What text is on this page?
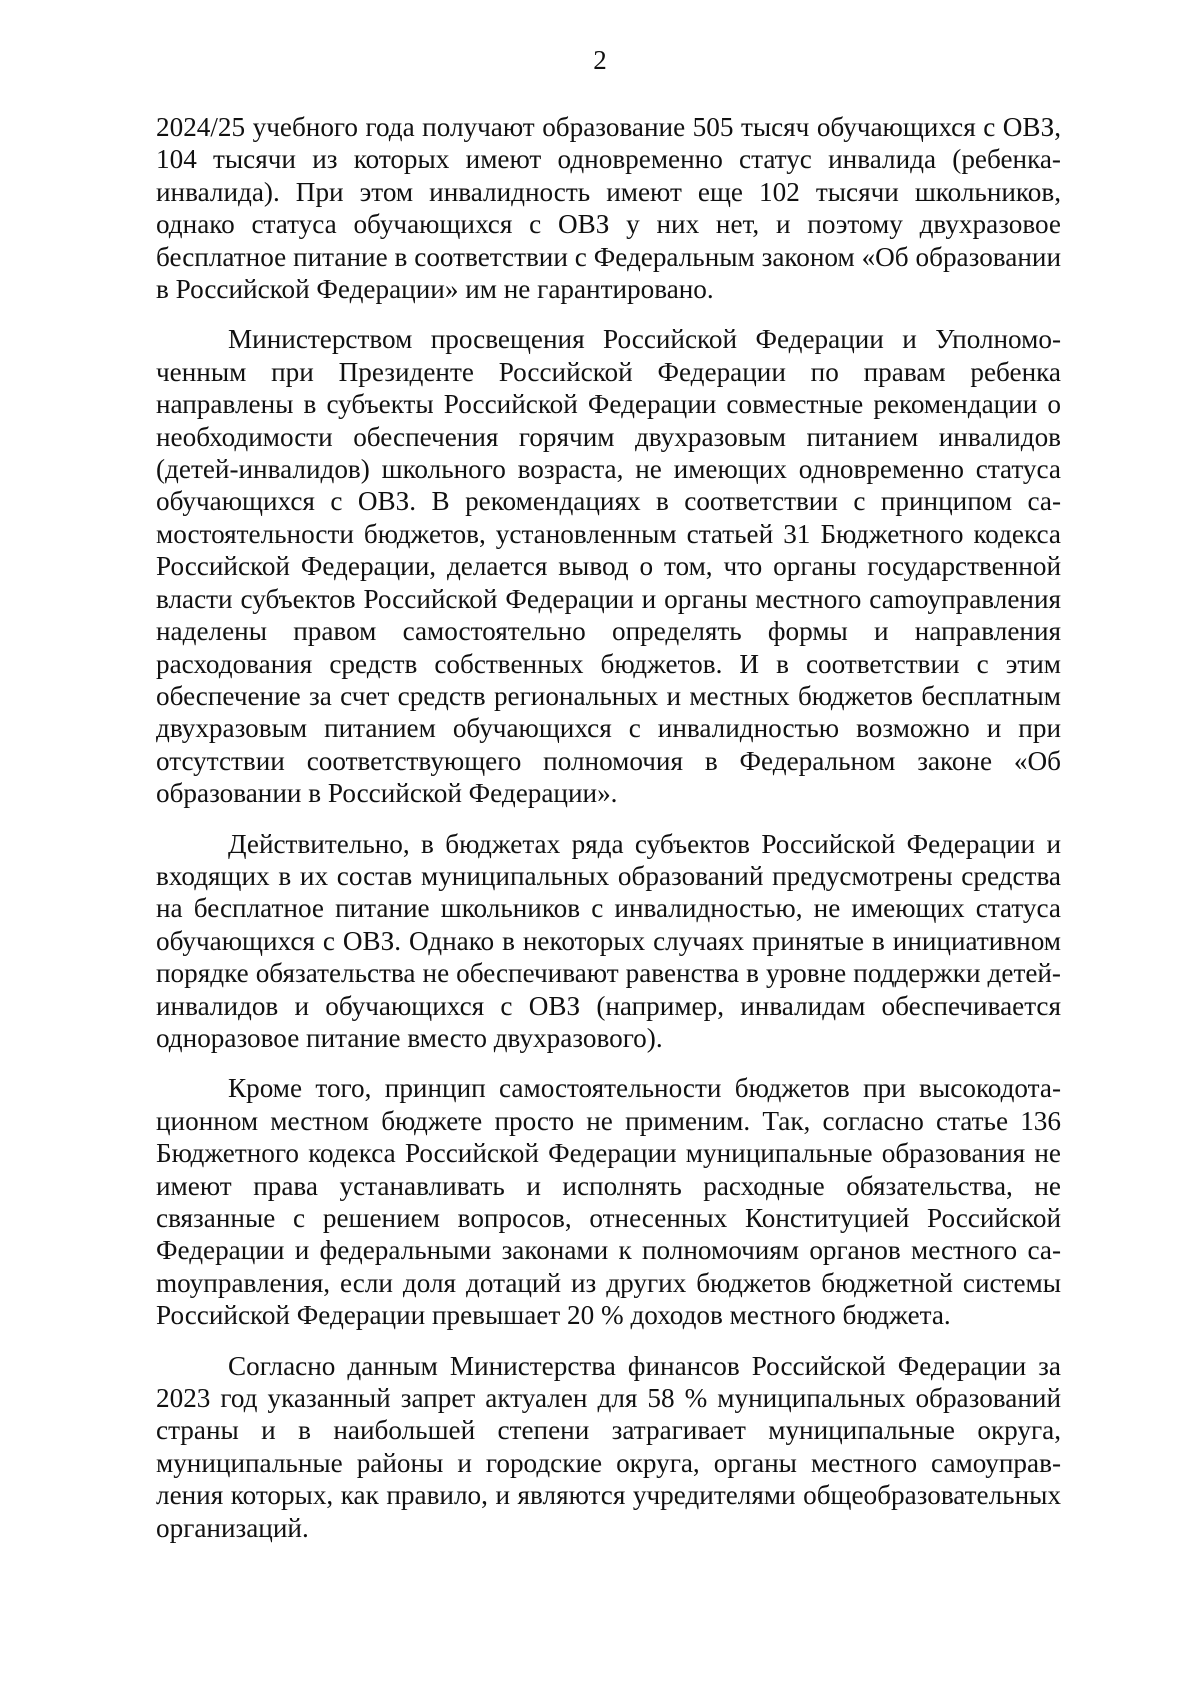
2

2024/25 учебного года получают образование 505 тысяч обучающихся с ОВЗ, 104 тысячи из которых имеют одновременно статус инвалида (ребенка-инвалида). При этом инвалидность имеют еще 102 тысячи школьников, однако статуса обучающихся с ОВЗ у них нет, и поэтому двухразовое бесплатное питание в соответствии с Федеральным законом «Об образовании в Российской Федерации» им не гарантировано.

Министерством просвещения Российской Федерации и Уполномоченным при Президенте Российской Федерации по правам ребенка направлены в субъекты Российской Федерации совместные рекомендации о необходимости обеспечения горячим двухразовым питанием инвалидов (детей-инвалидов) школьного возраста, не имеющих одновременно статуса обучающихся с ОВЗ. В рекомендациях в соответствии с принципом самостоятельности бюджетов, установленным статьей 31 Бюджетного кодекса Российской Федерации, делается вывод о том, что органы государственной власти субъектов Российской Федерации и органы местного саmоуправления наделены правом самостоятельно определять формы и направления расходования средств собственных бюджетов. И в соответствии с этим обеспечение за счет средств региональных и местных бюджетов бесплатным двухразовым питанием обучающихся с инвалидностью возможно и при отсутствии соответствующего полномочия в Федеральном законе «Об образовании в Российской Федерации».

Действительно, в бюджетах ряда субъектов Российской Федерации и входящих в их состав муниципальных образований предусмотрены средства на бесплатное питание школьников с инвалидностью, не имеющих статуса обучающихся с ОВЗ. Однако в некоторых случаях принятые в инициативном порядке обязательства не обеспечивают равенства в уровне поддержки детей-инвалидов и обучающихся с ОВЗ (например, инвалидам обеспечивается одноразовое питание вместо двухразового).

Кроме того, принцип самостоятельности бюджетов при высокодотационном местном бюджете просто не применим. Так, согласно статье 136 Бюджетного кодекса Российской Федерации муниципальные образования не имеют права устанавливать и исполнять расходные обязательства, не связанные с решением вопросов, отнесенных Конституцией Российской Федерации и федеральными законами к полномочиям органов местного саmоуправления, если доля дотаций из других бюджетов бюджетной системы Российской Федерации превышает 20 % доходов местного бюджета.

Согласно данным Министерства финансов Российской Федерации за 2023 год указанный запрет актуален для 58 % муниципальных образований страны и в наибольшей степени затрагивает муниципальные округа, муниципальные районы и городские округа, органы местного самоуправления которых, как правило, и являются учредителями общеобразовательных организаций.
